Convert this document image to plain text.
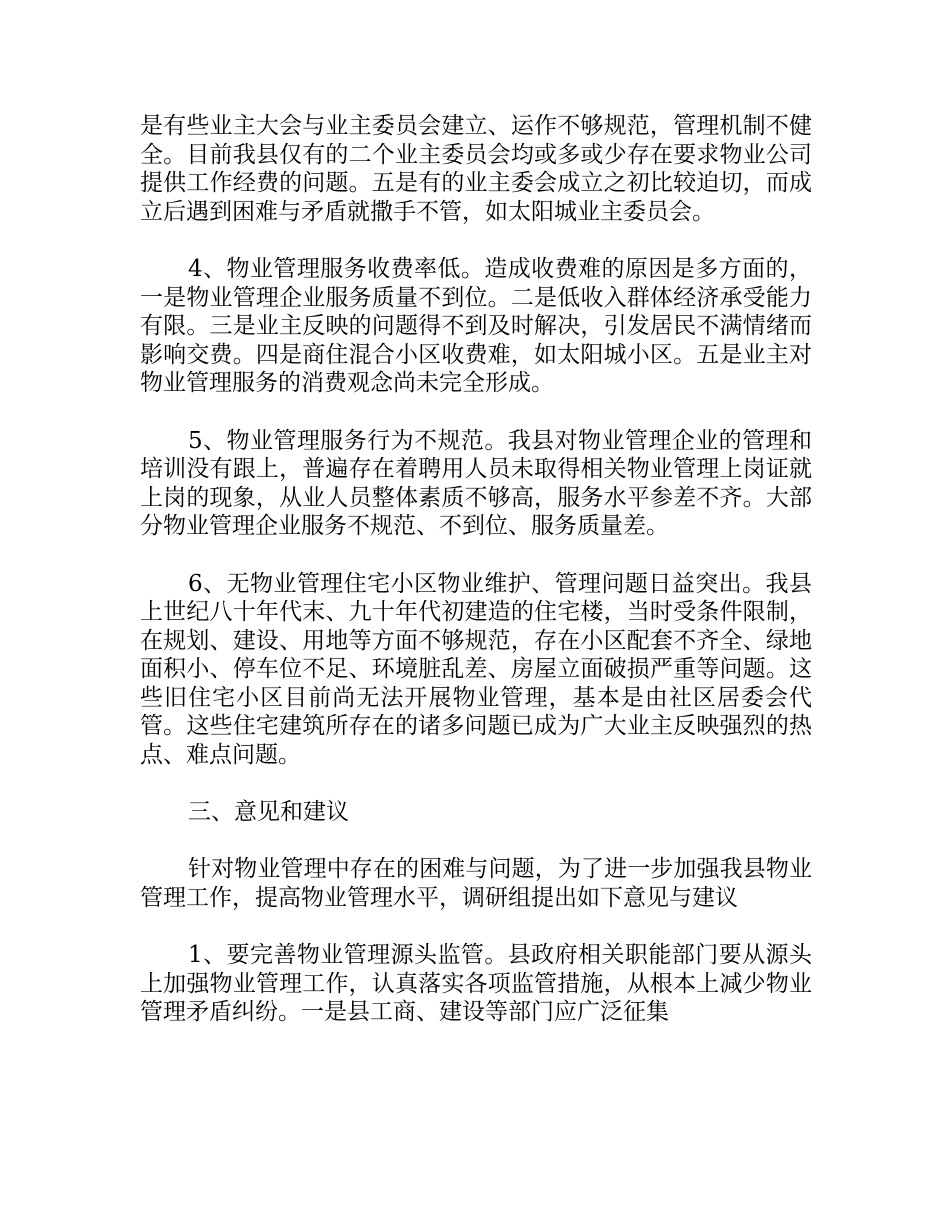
是有些业主大会与业主委员会建立、运作不够规范，管理机制不健全。目前我县仅有的二个业主委员会均或多或少存在要求物业公司提供工作经费的问题。五是有的业主委会成立之初比较迫切，而成立后遇到困难与矛盾就撒手不管，如太阳城业主委员会。

4、物业管理服务收费率低。造成收费难的原因是多方面的，一是物业管理企业服务质量不到位。二是低收入群体经济承受能力有限。三是业主反映的问题得不到及时解决，引发居民不满情绪而影响交费。四是商住混合小区收费难，如太阳城小区。五是业主对物业管理服务的消费观念尚未完全形成。

5、物业管理服务行为不规范。我县对物业管理企业的管理和培训没有跟上，普遍存在着聘用人员未取得相关物业管理上岗证就上岗的现象，从业人员整体素质不够高，服务水平参差不齐。大部分物业管理企业服务不规范、不到位、服务质量差。

6、无物业管理住宅小区物业维护、管理问题日益突出。我县上世纪八十年代末、九十年代初建造的住宅楼，当时受条件限制，在规划、建设、用地等方面不够规范，存在小区配套不齐全、绿地面积小、停车位不足、环境脏乱差、房屋立面破损严重等问题。这些旧住宅小区目前尚无法开展物业管理，基本是由社区居委会代管。这些住宅建筑所存在的诸多问题已成为广大业主反映强烈的热点、难点问题。

三、意见和建议

针对物业管理中存在的困难与问题，为了进一步加强我县物业管理工作，提高物业管理水平，调研组提出如下意见与建议

1、要完善物业管理源头监管。县政府相关职能部门要从源头上加强物业管理工作，认真落实各项监管措施，从根本上减少物业管理矛盾纠纷。一是县工商、建设等部门应广泛征集
